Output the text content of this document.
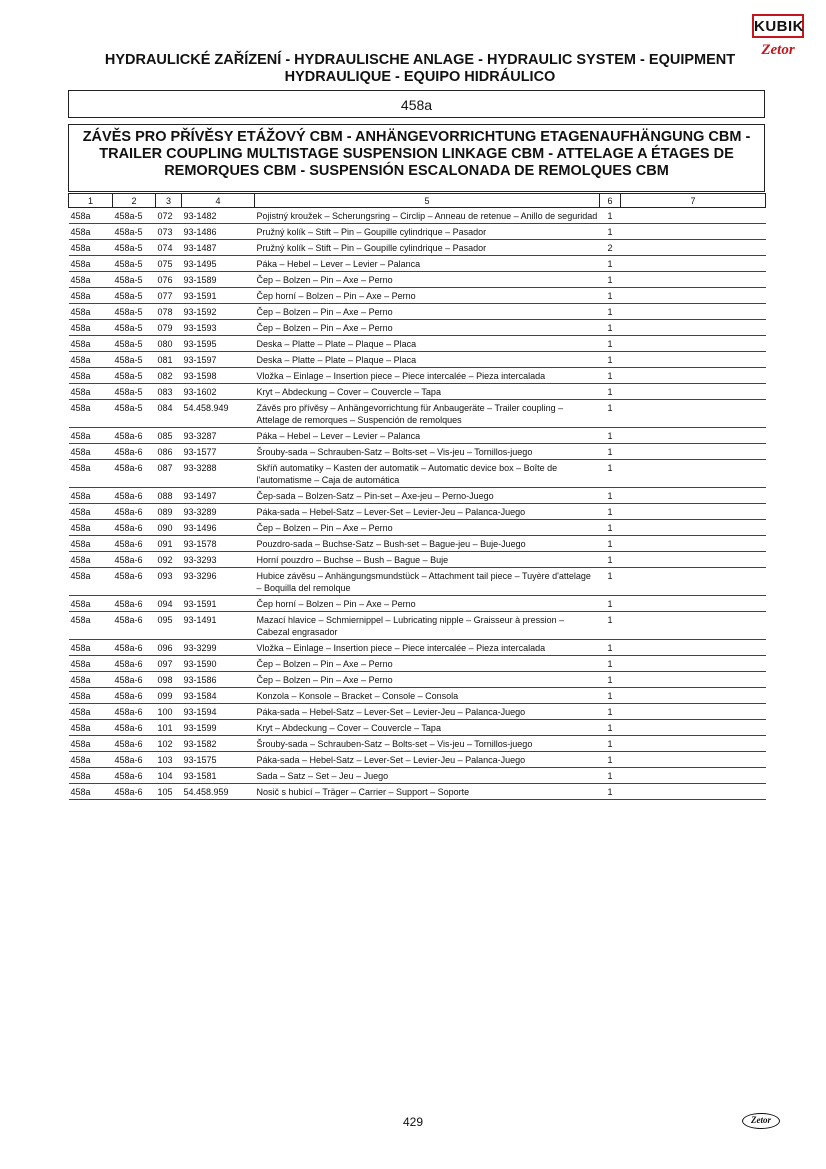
KUBIK
Zetor
HYDRAULICKÉ ZAŘÍZENÍ - HYDRAULISCHE ANLAGE - HYDRAULIC SYSTEM - EQUIPMENT
HYDRAULIQUE - EQUIPO HIDRÁULICO
458a
ZÁVĚS PRO PŘÍVĚSY ETÁŽOVÝ CBM - ANHÄNGEVORRICHTUNG ETAGENAUFHÄNGUNG CBM -
TRAILER COUPLING MULTISTAGE SUSPENSION LINKAGE CBM - ATTELAGE A ÉTAGES DE
REMORQUES CBM - SUSPENSIÓN ESCALONADA DE REMOLQUES CBM
1	2	3	4	5	6	7
458a	458a-5	072	93-1482	Pojistný kroužek – Scherungsring – Circlip – Anneau de retenue – Anillo de seguridad	1	
458a	458a-5	073	93-1486	Pružný kolík – Stift – Pin – Goupille cylindrique – Pasador	1	
458a	458a-5	074	93-1487	Pružný kolík – Stift – Pin – Goupille cylindrique – Pasador	2	
458a	458a-5	075	93-1495	Páka – Hebel – Lever – Levier – Palanca	1	
458a	458a-5	076	93-1589	Čep – Bolzen – Pin – Axe – Perno	1	
458a	458a-5	077	93-1591	Čep horní – Bolzen – Pin – Axe – Perno	1	
458a	458a-5	078	93-1592	Čep – Bolzen – Pin – Axe – Perno	1	
458a	458a-5	079	93-1593	Čep – Bolzen – Pin – Axe – Perno	1	
458a	458a-5	080	93-1595	Deska – Platte – Plate – Plaque – Placa	1	
458a	458a-5	081	93-1597	Deska – Platte – Plate – Plaque – Placa	1	
458a	458a-5	082	93-1598	Vložka – Einlage – Insertion piece – Piece intercalée – Pieza intercalada	1	
458a	458a-5	083	93-1602	Kryt – Abdeckung – Cover – Couvercle – Tapa	1	
458a	458a-5	084	54.458.949	Závěs pro přívěsy – Anhängevorrichtung für Anbaugeräte – Trailer coupling – Attelage de remorques – Suspención de remolques	1	
458a	458a-6	085	93-3287	Páka – Hebel – Lever – Levier – Palanca	1	
458a	458a-6	086	93-1577	Šrouby-sada – Schrauben-Satz – Bolts-set – Vis-jeu – Tornillos-juego	1	
458a	458a-6	087	93-3288	Skříň automatiky – Kasten der automatik – Automatic device box – Boîte de l'automatisme – Caja de automática	1	
458a	458a-6	088	93-1497	Čep-sada – Bolzen-Satz – Pin-set – Axe-jeu – Perno-Juego	1	
458a	458a-6	089	93-3289	Páka-sada – Hebel-Satz – Lever-Set – Levier-Jeu – Palanca-Juego	1	
458a	458a-6	090	93-1496	Čep – Bolzen – Pin – Axe – Perno	1	
458a	458a-6	091	93-1578	Pouzdro-sada – Buchse-Satz – Bush-set – Bague-jeu – Buje-Juego	1	
458a	458a-6	092	93-3293	Horní pouzdro – Buchse – Bush – Bague – Buje	1	
458a	458a-6	093	93-3296	Hubice závěsu – Anhängungsmundstück – Attachment tail piece – Tuyère d'attelage – Boquilla del remolque	1	
458a	458a-6	094	93-1591	Čep horní – Bolzen – Pin – Axe – Perno	1	
458a	458a-6	095	93-1491	Mazací hlavice – Schmiernippel – Lubricating nipple – Graisseur à pression – Cabezal engrasador	1	
458a	458a-6	096	93-3299	Vložka – Einlage – Insertion piece – Piece intercalée – Pieza intercalada	1	
458a	458a-6	097	93-1590	Čep – Bolzen – Pin – Axe – Perno	1	
458a	458a-6	098	93-1586	Čep – Bolzen – Pin – Axe – Perno	1	
458a	458a-6	099	93-1584	Konzola – Konsole – Bracket – Console – Consola	1	
458a	458a-6	100	93-1594	Páka-sada – Hebel-Satz – Lever-Set – Levier-Jeu – Palanca-Juego	1	
458a	458a-6	101	93-1599	Kryt – Abdeckung – Cover – Couvercle – Tapa	1	
458a	458a-6	102	93-1582	Šrouby-sada – Schrauben-Satz – Bolts-set – Vis-jeu – Tornillos-juego	1	
458a	458a-6	103	93-1575	Páka-sada – Hebel-Satz – Lever-Set – Levier-Jeu – Palanca-Juego	1	
458a	458a-6	104	93-1581	Sada – Satz – Set – Jeu – Juego	1	
458a	458a-6	105	54.458.959	Nosič s hubicí – Träger – Carrier – Support – Soporte	1	
429	Zetor
